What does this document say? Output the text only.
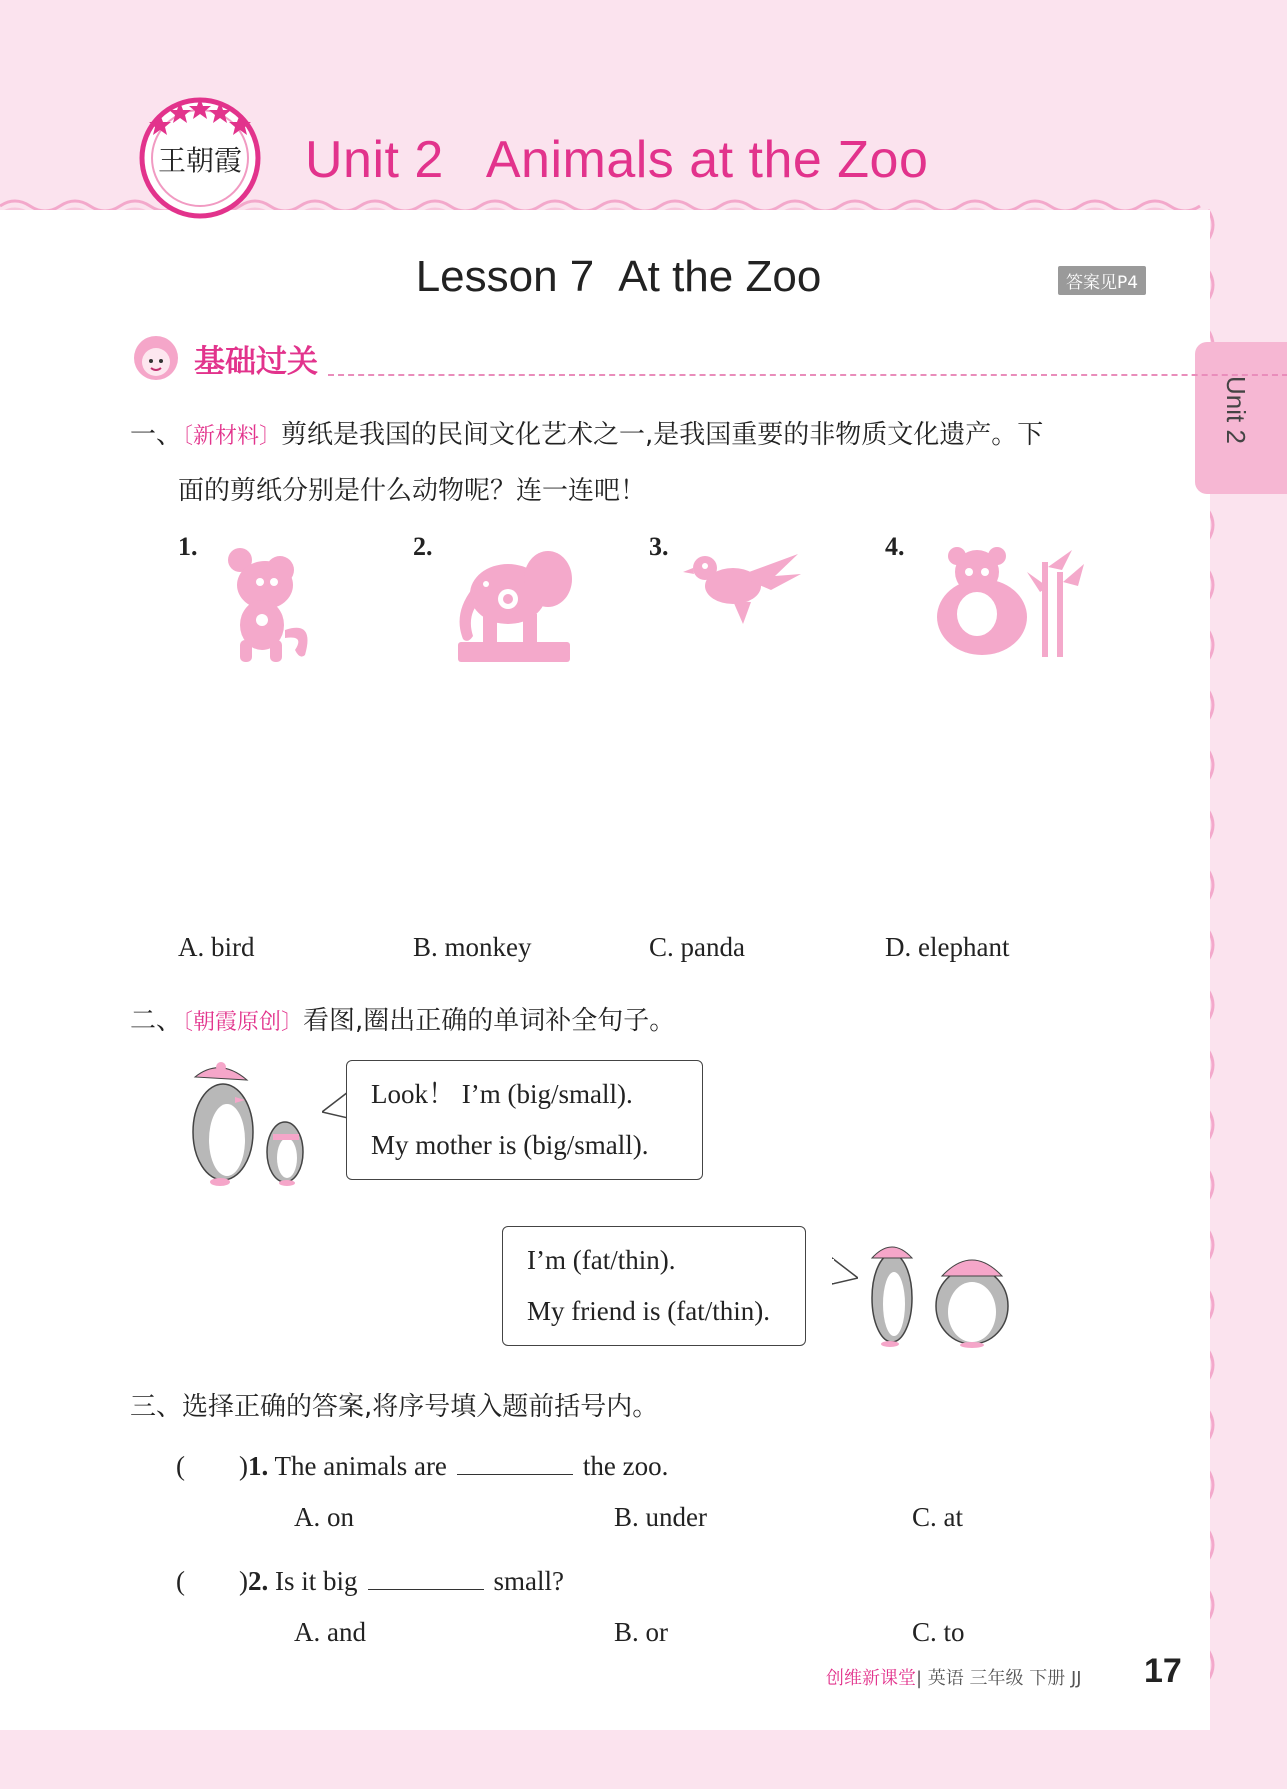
王朝霞 Unit 2 Animals at the Zoo
Lesson 7 At the Zoo	答案见P4
Unit 2
基础过关
一、〔新材料〕剪纸是我国的民间文化艺术之一,是我国重要的非物质文化遗产。下
面的剪纸分别是什么动物呢？连一连吧！
1.	2.	3.	4.
A. bird	B. monkey	C. panda	D. elephant
二、〔朝霞原创〕看图,圈出正确的单词补全句子。
Look！ I’m (big/small).
My mother is (big/small).
I’m (fat/thin).
My friend is (fat/thin).
三、选择正确的答案,将序号填入题前括号内。
(　　)1. The animals are	the zoo.
A. on	B. under	C. at
(　　)2. Is it big	small?
A. and	B. or	C. to
创维新课堂| 英语 三年级 下册 JJ 17
